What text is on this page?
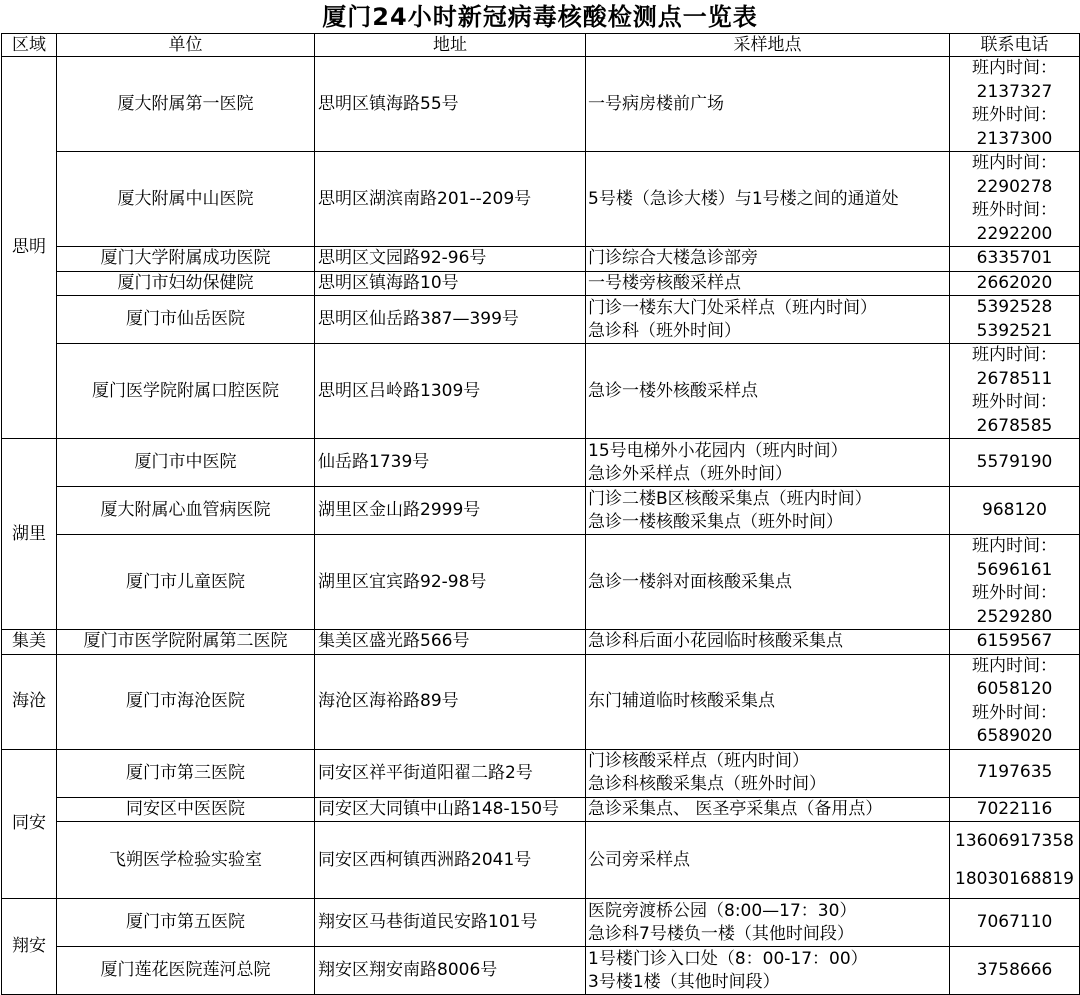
厦门24小时新冠病毒核酸检测点一览表
区域	单位	地址	采样地点	联系电话
思明	厦大附属第一医院	思明区镇海路55号	一号病房楼前广场	班内时间：
2137327
班外时间：
2137300

	厦大附属中山医院	思明区湖滨南路201--209号	5号楼（急诊大楼）与1号楼之间的通道处	班内时间：
2290278
班外时间：
2292200

	厦门大学附属成功医院	思明区文园路92-96号	门诊综合大楼急诊部旁	6335701

	厦门市妇幼保健院	思明区镇海路10号	一号楼旁核酸采样点	2662020

	厦门市仙岳医院	思明区仙岳路387—399号	门诊一楼东大门处采样点（班内时间）
急诊科（班外时间）	5392528
5392521

	厦门医学院附属口腔医院	思明区吕岭路1309号	急诊一楼外核酸采样点	班内时间：
2678511
班外时间：
2678585

湖里	厦门市中医院	仙岳路1739号	15号电梯外小花园内（班内时间）
急诊外采样点（班外时间）	5579190

	厦大附属心血管病医院	湖里区金山路2999号	门诊二楼B区核酸采集点（班内时间）
急诊一楼核酸采集点（班外时间）	968120

	厦门市儿童医院	湖里区宜宾路92-98号	急诊一楼斜对面核酸采集点	班内时间：
5696161
班外时间：
2529280

集美	厦门市医学院附属第二医院	集美区盛光路566号	急诊科后面小花园临时核酸采集点	6159567

海沧	厦门市海沧医院	海沧区海裕路89号	东门辅道临时核酸采集点	班内时间：
6058120
班外时间：
6589020

同安	厦门市第三医院	同安区祥平街道阳翟二路2号	门诊核酸采样点（班内时间）
急诊科核酸采集点（班外时间）	7197635

	同安区中医医院	同安区大同镇中山路148-150号	急诊采集点、 医圣亭采集点（备用点）	7022116

	飞朔医学检验实验室	同安区西柯镇西洲路2041号	公司旁采样点	13606917358
18030168819

翔安	厦门市第五医院	翔安区马巷街道民安路101号	医院旁渡桥公园（8:00—17：30）
急诊科7号楼负一楼（其他时间段）	7067110

	厦门莲花医院莲河总院	翔安区翔安南路8006号	1号楼门诊入口处（8：00-17：00）
3号楼1楼（其他时间段）	3758666
